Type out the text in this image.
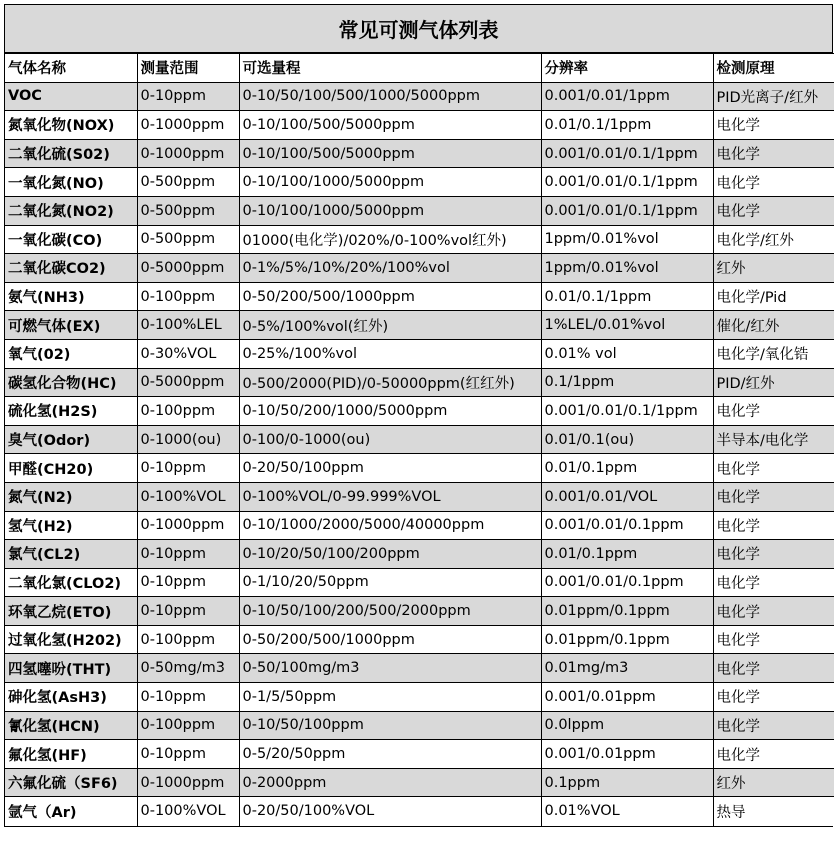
常见可测气体列表
气体名称	测量范围	可选量程	分辨率	检测原理
VOC	0-10ppm	0-10/50/100/500/1000/5000ppm	0.001/0.01/1ppm	PID光离子/红外
氮氧化物(NOX)	0-1000ppm	0-10/100/500/5000ppm	0.01/0.1/1ppm	电化学
二氧化硫(S02)	0-1000ppm	0-10/100/500/5000ppm	0.001/0.01/0.1/1ppm	电化学
一氧化氮(NO)	0-500ppm	0-10/100/1000/5000ppm	0.001/0.01/0.1/1ppm	电化学
二氧化氮(NO2)	0-500ppm	0-10/100/1000/5000ppm	0.001/0.01/0.1/1ppm	电化学
一氧化碳(CO)	0-500ppm	01000(电化学)/020%/0-100%vol红外)	1ppm/0.01%vol	电化学/红外
二氧化碳CO2)	0-5000ppm	0-1%/5%/10%/20%/100%vol	1ppm/0.01%vol	红外
氨气(NH3)	0-100ppm	0-50/200/500/1000ppm	0.01/0.1/1ppm	电化学/Pid
可燃气体(EX)	0-100%LEL	0-5%/100%vol(红外)	1%LEL/0.01%vol	催化/红外
氧气(02)	0-30%VOL	0-25%/100%vol	0.01% vol	电化学/氧化锆
碳氢化合物(HC)	0-5000ppm	0-500/2000(PID)/0-50000ppm(红红外)	0.1/1ppm	PID/红外
硫化氢(H2S)	0-100ppm	0-10/50/200/1000/5000ppm	0.001/0.01/0.1/1ppm	电化学
臭气(Odor)	0-1000(ou)	0-100/0-1000(ou)	0.01/0.1(ou)	半导本/电化学
甲醛(CH20)	0-10ppm	0-20/50/100ppm	0.01/0.1ppm	电化学
氮气(N2)	0-100%VOL	0-100%VOL/0-99.999%VOL	0.001/0.01/VOL	电化学
氢气(H2)	0-1000ppm	0-10/1000/2000/5000/40000ppm	0.001/0.01/0.1ppm	电化学
氯气(CL2)	0-10ppm	0-10/20/50/100/200ppm	0.01/0.1ppm	电化学
二氧化氯(CLO2)	0-10ppm	0-1/10/20/50ppm	0.001/0.01/0.1ppm	电化学
环氧乙烷(ETO)	0-10ppm	0-10/50/100/200/500/2000ppm	0.01ppm/0.1ppm	电化学
过氧化氢(H202)	0-100ppm	0-50/200/500/1000ppm	0.01ppm/0.1ppm	电化学
四氢噻吩(THT)	0-50mg/m3	0-50/100mg/m3	0.01mg/m3	电化学
砷化氢(AsH3)	0-10ppm	0-1/5/50ppm	0.001/0.01ppm	电化学
氰化氢(HCN)	0-100ppm	0-10/50/100ppm	0.0lppm	电化学
氟化氢(HF)	0-10ppm	0-5/20/50ppm	0.001/0.01ppm	电化学
六氟化硫（SF6)	0-1000ppm	0-2000ppm	0.1ppm	红外
氩气（Ar)	0-100%VOL	0-20/50/100%VOL	0.01%VOL	热导
